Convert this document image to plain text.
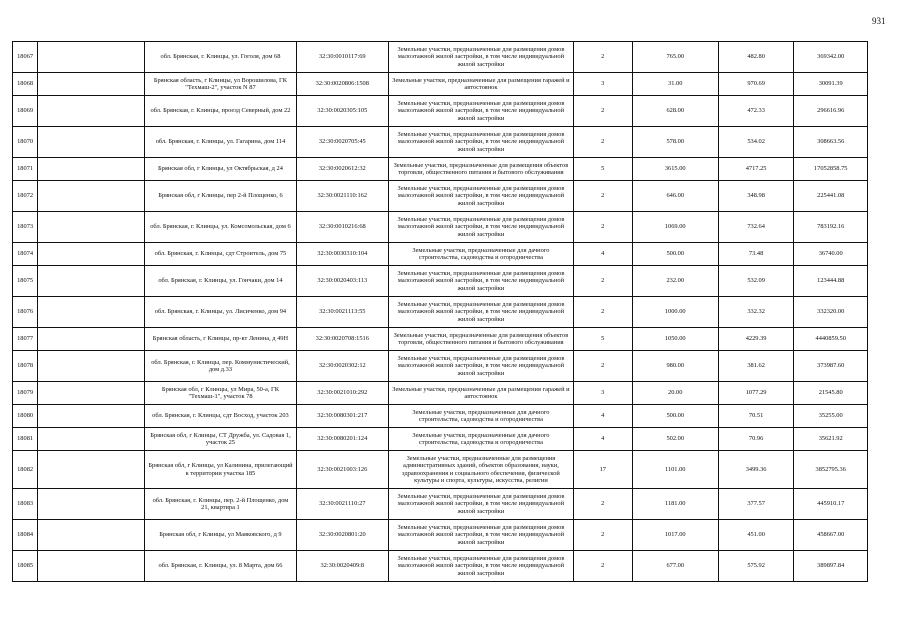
931
18067		обл. Брянская, г. Клинцы, ул. Гоголя, дом 68	32:30:0010117:69	Земельные участки, предназначенные для размещения домов малоэтажной жилой застройки, в том числе индивидуальной жилой застройки	2	765.00	482.80	369342.00
18068		Брянская область, г Клинцы, ул Ворошилова, ГК "Техмаш-2", участок N 87	32:30:0020806:1508	Земельные участки, предназначенные для размещения гаражей и автостоянок	3	31.00	970.69	30091.39
18069		обл. Брянская, г. Клинцы, проезд Северный, дом 22	32:30:0020305:105	Земельные участки, предназначенные для размещения домов малоэтажной жилой застройки, в том числе индивидуальной жилой застройки	2	628.00	472.33	296616.96
18070		обл. Брянская, г. Клинцы, ул. Гагарина, дом 114	32:30:0020705:45	Земельные участки, предназначенные для размещения домов малоэтажной жилой застройки, в том числе индивидуальной жилой застройки	2	578.00	534.02	308663.56
18071		Брянская обл, г Клинцы, ул Октябрьская, д 24	32:30:0020612:32	Земельные участки, предназначенные для размещения объектов торговли, общественного питания и бытового обслуживания	5	3615.00	4717.25	17052858.75
18072		Брянская обл, г Клинцы, пер 2-й Площенко, 6	32:30:0021110:162	Земельные участки, предназначенные для размещения домов малоэтажной жилой застройки, в том числе индивидуальной жилой застройки	2	646.00	348.98	225441.08
18073		обл. Брянская, г. Клинцы, ул. Комсомольская, дом 6	32:30:0010216:68	Земельные участки, предназначенные для размещения домов малоэтажной жилой застройки, в том числе индивидуальной жилой застройки	2	1069.00	732.64	783192.16
18074		обл. Брянская, г. Клинцы, сдт Строитель, дом 75	32:30:0030310:104	Земельные участки, предназначенные для дачного строительства, садоводства и огородничества	4	500.00	73.48	36740.00
18075		обл. Брянская, г. Клинцы, ул. Гончаки, дом 14	32:30:0020403:113	Земельные участки, предназначенные для размещения домов малоэтажной жилой застройки, в том числе индивидуальной жилой застройки	2	232.00	532.09	123444.88
18076		обл. Брянская, г. Клинцы, ул. Лисиченко, дом 94	32:30:0021113:55	Земельные участки, предназначенные для размещения домов малоэтажной жилой застройки, в том числе индивидуальной жилой застройки	2	1000.00	332.32	332320.00
18077		Брянская область, г Клинцы, пр-кт Ленина, д 49Н	32:30:0020708:1516	Земельные участки, предназначенные для размещения объектов торговли, общественного питания и бытового обслуживания	5	1050.00	4229.39	4440859.50
18078		обл. Брянская, г. Клинцы, пер. Коммунистический, дом д.33	32:30:0020302:12	Земельные участки, предназначенные для размещения домов малоэтажной жилой застройки, в том числе индивидуальной жилой застройки	2	980.00	381.62	373987.60
18079		Брянская обл, г Клинцы, ул Мира, 50-а, ГК "Техмаш-1", участок 78	32:30:0021010:292	Земельные участки, предназначенные для размещения гаражей и автостоянок	3	20.00	1077.29	21545.80
18080		обл. Брянская, г. Клинцы, сдт Восход, участок 203	32:30:0080301:217	Земельные участки, предназначенные для дачного строительства, садоводства и огородничества	4	500.00	70.51	35255.00
18081		Брянская обл, г Клинцы, СТ Дружба, ул. Садовая 1, участок 25	32:30:0080201:124	Земельные участки, предназначенные для дачного строительства, садоводства и огородничества	4	502.00	70.96	35621.92
18082		Брянская обл, г Клинцы, ул Калинина, прилегающий к территории участка 185	32:30:0021003:126	Земельные участки, предназначенные для размещения административных зданий, объектов образования, науки, здравоохранения и социального обеспечения, физической культуры и спорта, культуры, искусства, религии	17	1101.00	3499.36	3852795.36
18083		обл. Брянская, г. Клинцы, пер. 2-й Площенко, дом 21, квартира 1	32:30:0021110:27	Земельные участки, предназначенные для размещения домов малоэтажной жилой застройки, в том числе индивидуальной жилой застройки	2	1181.00	377.57	445910.17
18084		Брянская обл, г Клинцы, ул Маяковского, д 9	32:30:0020801:20	Земельные участки, предназначенные для размещения домов малоэтажной жилой застройки, в том числе индивидуальной жилой застройки	2	1017.00	451.00	458667.00
18085		обл. Брянская, г. Клинцы, ул. 8 Марта, дом 66	32:30:0020409:8	Земельные участки, предназначенные для размещения домов малоэтажной жилой застройки, в том числе индивидуальной жилой застройки	2	677.00	575.92	389897.84
